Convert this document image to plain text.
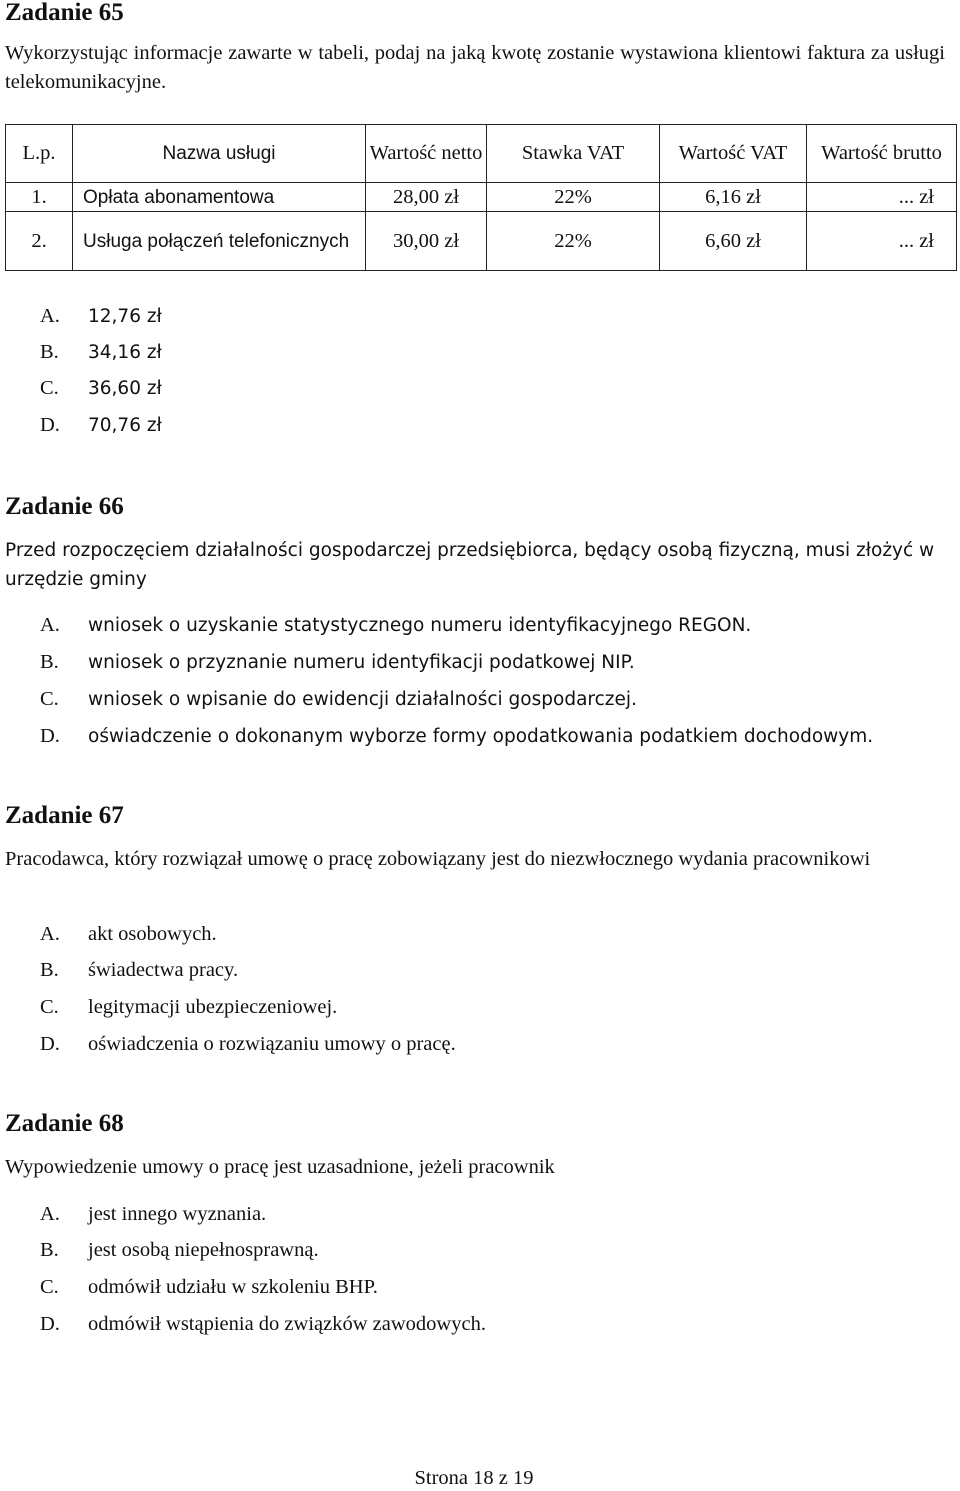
Zadanie 65
Wykorzystując informacje zawarte w tabeli, podaj na jaką kwotę zostanie wystawiona klientowi faktura za usługi telekomunikacyjne.
L.p.	Nazwa usługi	Wartość netto	Stawka VAT	Wartość VAT	Wartość brutto
1.	Opłata abonamentowa	28,00 zł	22%	6,16 zł	... zł
2.	Usługa połączeń telefonicznych	30,00 zł	22%	6,60 zł	... zł
A. 12,76 zł
B. 34,16 zł
C. 36,60 zł
D. 70,76 zł
Zadanie 66
Przed rozpoczęciem działalności gospodarczej przedsiębiorca, będący osobą fizyczną, musi złożyć w urzędzie gminy
A. wniosek o uzyskanie statystycznego numeru identyfikacyjnego REGON.
B. wniosek o przyznanie numeru identyfikacji podatkowej NIP.
C. wniosek o wpisanie do ewidencji działalności gospodarczej.
D. oświadczenie o dokonanym wyborze formy opodatkowania podatkiem dochodowym.
Zadanie 67
Pracodawca, który rozwiązał umowę o pracę zobowiązany jest do niezwłocznego wydania pracownikowi
A. akt osobowych.
B. świadectwa pracy.
C. legitymacji ubezpieczeniowej.
D. oświadczenia o rozwiązaniu umowy o pracę.
Zadanie 68
Wypowiedzenie umowy o pracę jest uzasadnione, jeżeli pracownik
A. jest innego wyznania.
B. jest osobą niepełnosprawną.
C. odmówił udziału w szkoleniu BHP.
D. odmówił wstąpienia do związków zawodowych.
Strona 18 z 19
